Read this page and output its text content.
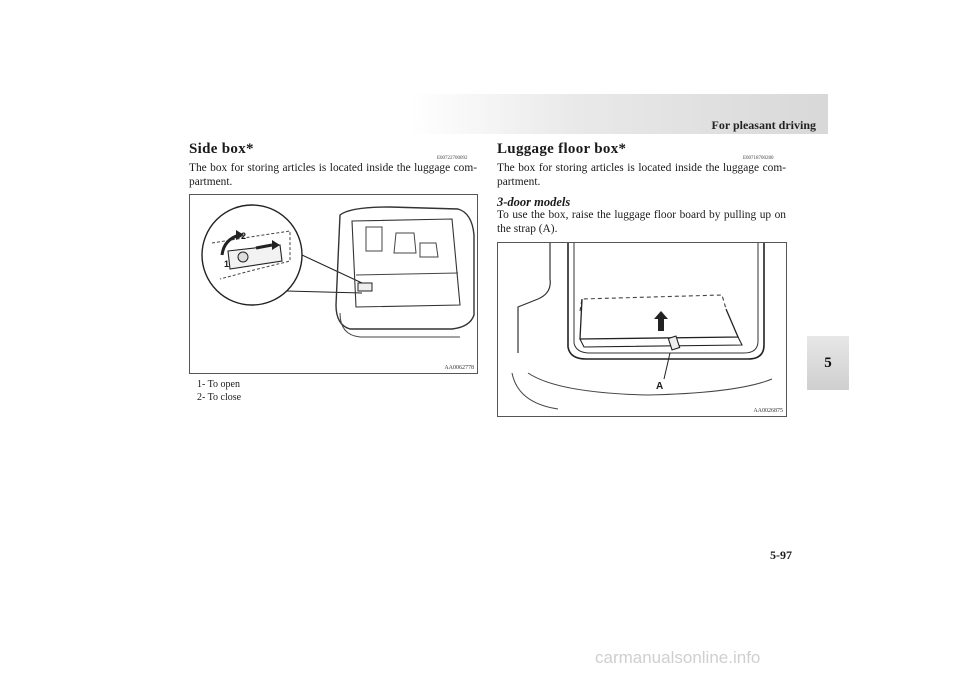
For pleasant driving
5
Side box*
E00722700092
The box for storing articles is located inside the luggage com-partment.
2
1
AA0062778
1- To open
2- To close
Luggage floor box*
E00718700280
The box for storing articles is located inside the luggage com-partment.
3-door models
To use the box, raise the luggage floor board by pulling up on the strap (A).
A
AA0026875
5-97
carmanualsonline.info
